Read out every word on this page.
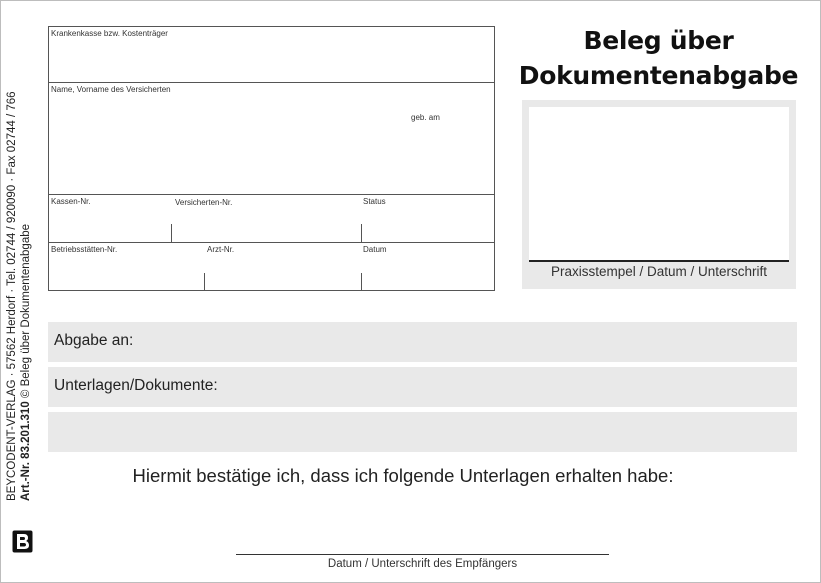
BEYCODENT-VERLAG · 57562 Herdorf · Tel. 02744 / 920090 · Fax 02744 / 766 Art.-Nr. 83.201.310 © Beleg über Dokumentenabgabe
Krankenkasse bzw. Kostenträger
Name, Vorname des Versicherten
geb. am
Kassen-Nr.	Versicherten-Nr.	Status
Betriebsstätten-Nr.	Arzt-Nr.	Datum
Beleg über
Dokumentenabgabe
Praxisstempel / Datum / Unterschrift
Abgabe an:
Unterlagen/Dokumente:
Hiermit bestätige ich, dass ich folgende Unterlagen erhalten habe:
Datum / Unterschrift des Empfängers
